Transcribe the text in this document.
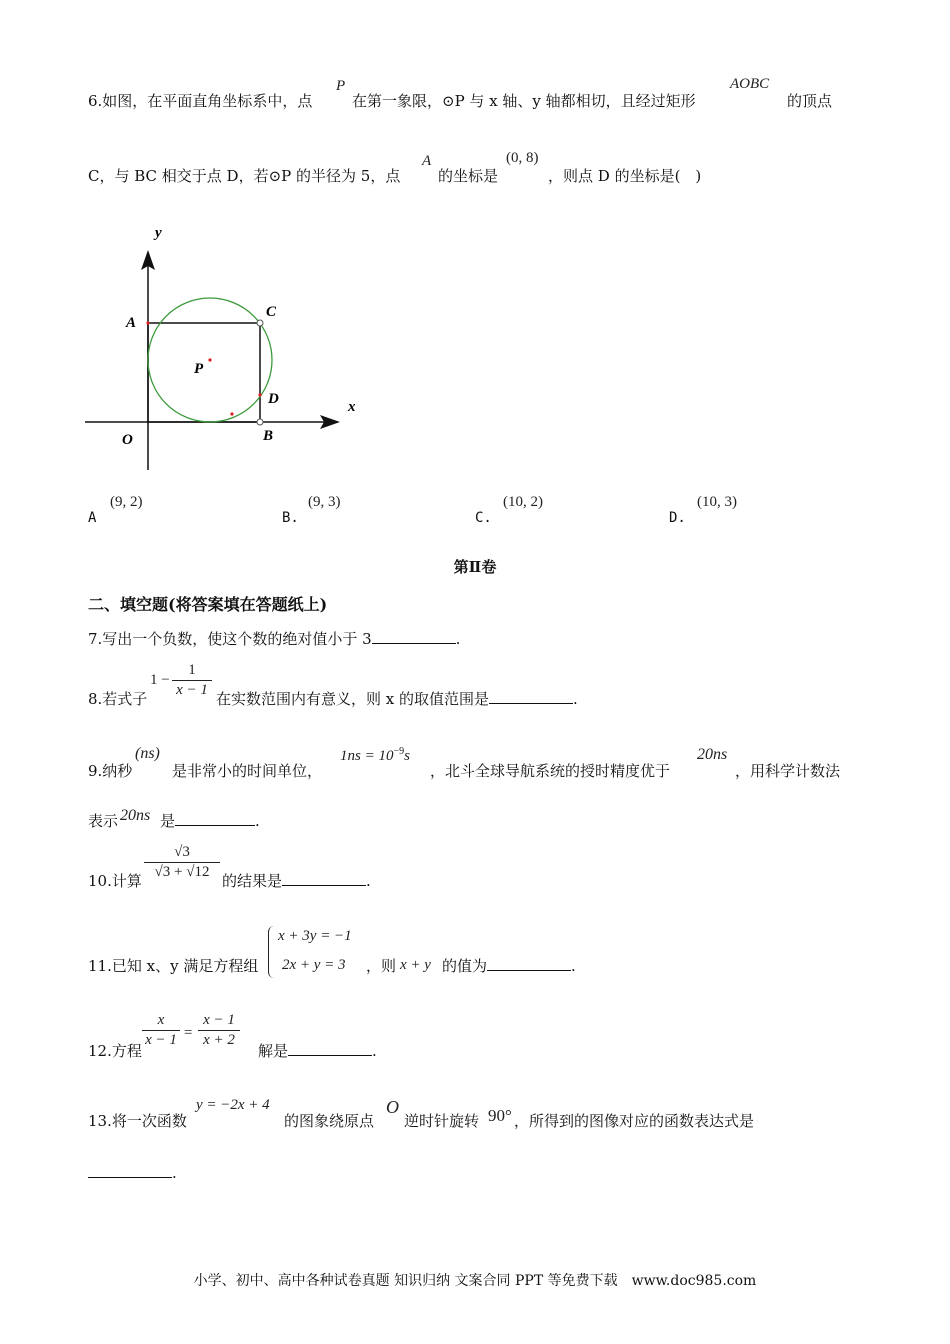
6.如图，在平面直角坐标系中，点
P
在第一象限，⊙P 与 x 轴、y 轴都相切，且经过矩形
AOBC
的顶点
C，与 BC 相交于点 D，若⊙P 的半径为 5，点
A
的坐标是
(0, 8)
，则点 D 的坐标是(　)
y
x
A
C
P
D
O	B
A
(9, 2)
B.
(9, 3)
C.
(10, 2)
D.
(10, 3)
第Ⅱ卷
二、填空题(将答案填在答题纸上)
7.写出一个负数，使这个数的绝对值小于 3	.
8.若式子
1 −
1
x − 1 在实数范围内有意义，则 x 的取值范围是	.
9.纳秒
(ns)
是非常小的时间单位，
$1ns = 10^{-9}s$
，北斗全球导航系统的授时精度优于
20ns
，用科学计数法
表示 20ns 是	.
10.计算
√3
√3 + √12 的结果是	.
11.已知 x、y 满足方程组
x + 3y = −1
2x + y = 3 ，则 x + y 的值为	.
12.方程
x
x − 1 =
x − 1
x + 2
解是	.
13.将一次函数
y = −2x + 4
的图象绕原点
O
逆时针旋转 90° ，所得到的图像对应的函数表达式是
.
小学、初中、高中各种试卷真题 知识归纳 文案合同 PPT 等免费下载　www.doc985.com
